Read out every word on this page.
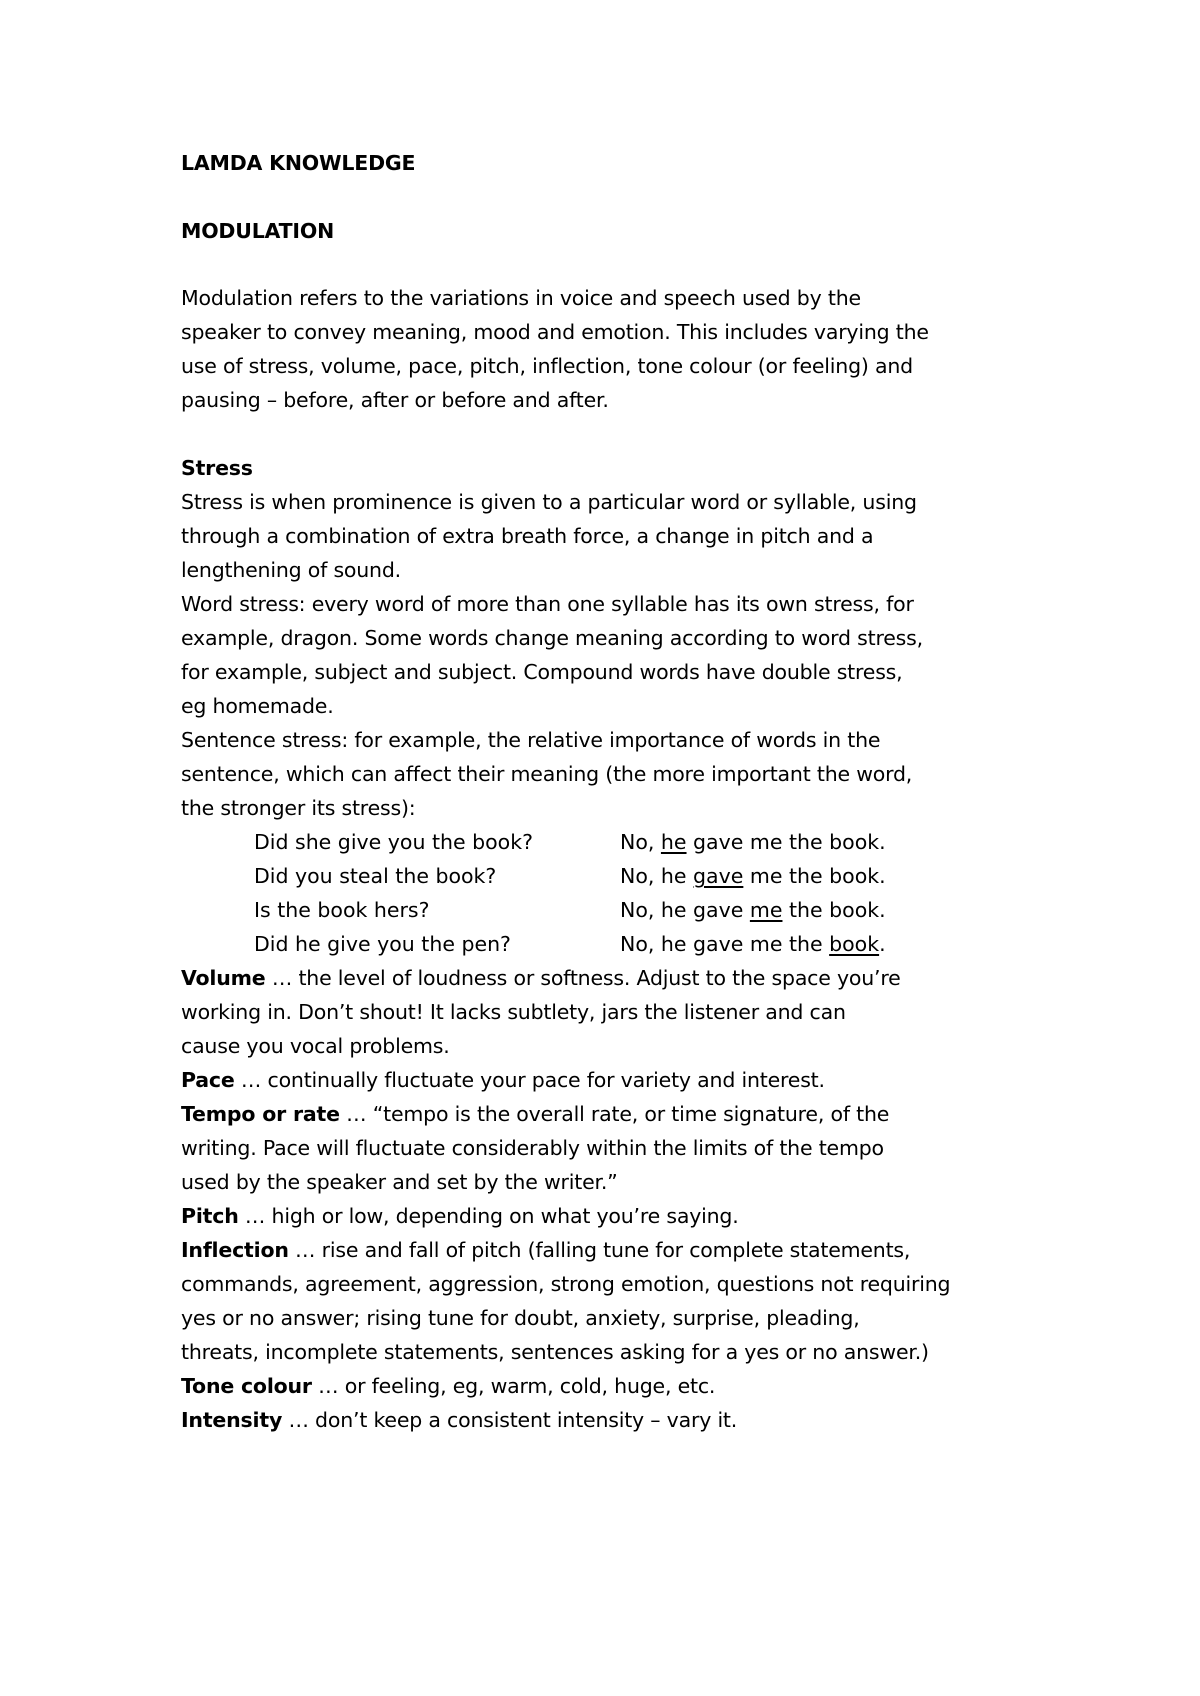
LAMDA KNOWLEDGE
MODULATION
Modulation refers to the variations in voice and speech used by the
speaker to convey meaning, mood and emotion. This includes varying the
use of stress, volume, pace, pitch, inflection, tone colour (or feeling) and
pausing – before, after or before and after.
Stress
Stress is when prominence is given to a particular word or syllable, using
through a combination of extra breath force, a change in pitch and a
lengthening of sound.
Word stress: every word of more than one syllable has its own stress, for
example, dragon. Some words change meaning according to word stress,
for example, subject and subject. Compound words have double stress,
eg homemade.
Sentence stress: for example, the relative importance of words in the
sentence, which can affect their meaning (the more important the word,
the stronger its stress):
Did she give you the book?	No, he gave me the book.
Did you steal the book?	No, he gave me the book.
Is the book hers?	No, he gave me the book.
Did he give you the pen?	No, he gave me the book.
Volume … the level of loudness or softness. Adjust to the space you’re
working in. Don’t shout! It lacks subtlety, jars the listener and can
cause you vocal problems.
Pace … continually fluctuate your pace for variety and interest.
Tempo or rate … “tempo is the overall rate, or time signature, of the
writing. Pace will fluctuate considerably within the limits of the tempo
used by the speaker and set by the writer.”
Pitch … high or low, depending on what you’re saying.
Inflection … rise and fall of pitch (falling tune for complete statements,
commands, agreement, aggression, strong emotion, questions not requiring
yes or no answer; rising tune for doubt, anxiety, surprise, pleading,
threats, incomplete statements, sentences asking for a yes or no answer.)
Tone colour … or feeling, eg, warm, cold, huge, etc.
Intensity … don’t keep a consistent intensity – vary it.
